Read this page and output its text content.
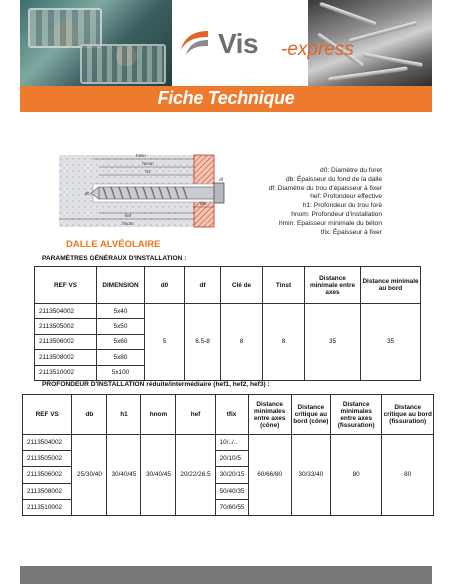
Vis -express
Fiche Technique
hmin
hnom
h1
tfix
hef
hnom
df
d0
d0: Diamètre du foret
db: Épaisseur du fond de la dalle
df: Diamètre du trou d'épaisseur à fixer
hef: Profondeur effective
h1: Profondeur du trou foré
hnom: Profondeur d'installation
hmin: Epaisseur minimale du béton
tfix: Épaisseur à fixer
DALLE ALVÉOLAIRE
PARAMÈTRES GÉNÉRAUX D'INSTALLATION :
REF VS	DIMENSION	d0	df	Clé de	Tinst	Distance minimale entre axes	Distance minimale au bord
2113504002	5x40	5	6.5-8	8	8	35	35
2113505002	5x50						
2113506002	5x60						
2113508002	5x80						
2113510002	5x100						
PROFONDEUR D'INSTALLATION réduite/intermédiaire (hef1, hef2, hef3) :
REF VS	db	h1	hnom	hef	tfix	Distance minimales entre axes (cône)	Distance critique au bord (cône)	Distance minimales entre axes (fissuration)	Distance critique au bord (fissuration)
2113504002	25/30/40	30/40/45	30/40/45	20/22/26.5	10/../..	60/66/80	30/33/40	80	80
2113505002					20/10/5				
2113506002					30/20/15				
2113508002					50/40/35				
2113510002					70/60/55				
